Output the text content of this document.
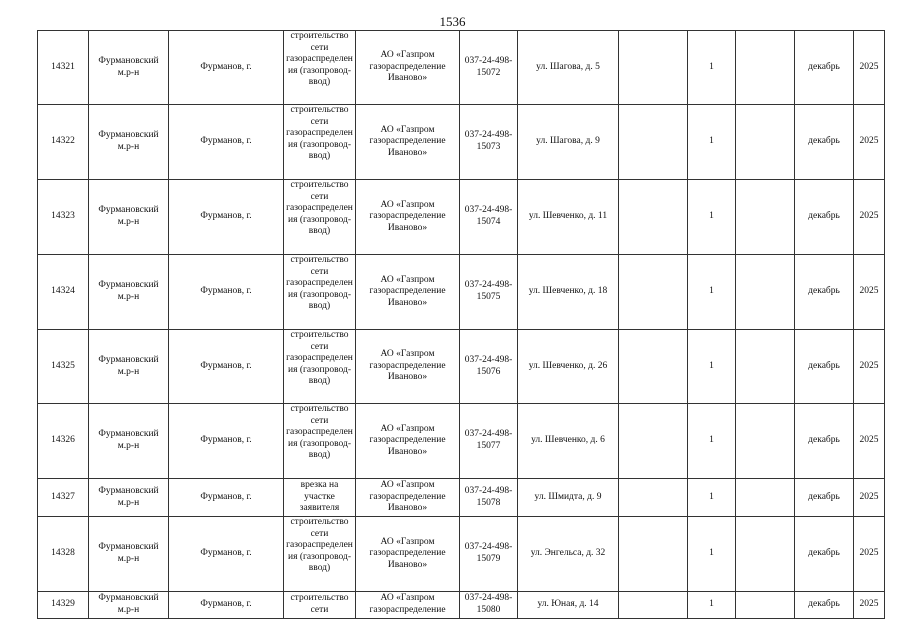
1536
14321	Фурмановский м.р-н	Фурманов, г.	строительство сети газораспределения (газопровод-ввод)	АО «Газпром газораспределение Иваново»	037-24-498-15072	ул. Шагова, д. 5		1		декабрь	2025
14322	Фурмановский м.р-н	Фурманов, г.	строительство сети газораспределения (газопровод-ввод)	АО «Газпром газораспределение Иваново»	037-24-498-15073	ул. Шагова, д. 9		1		декабрь	2025
14323	Фурмановский м.р-н	Фурманов, г.	строительство сети газораспределения (газопровод-ввод)	АО «Газпром газораспределение Иваново»	037-24-498-15074	ул. Шевченко, д. 11		1		декабрь	2025
14324	Фурмановский м.р-н	Фурманов, г.	строительство сети газораспределения (газопровод-ввод)	АО «Газпром газораспределение Иваново»	037-24-498-15075	ул. Шевченко, д. 18		1		декабрь	2025
14325	Фурмановский м.р-н	Фурманов, г.	строительство сети газораспределения (газопровод-ввод)	АО «Газпром газораспределение Иваново»	037-24-498-15076	ул. Шевченко, д. 26		1		декабрь	2025
14326	Фурмановский м.р-н	Фурманов, г.	строительство сети газораспределения (газопровод-ввод)	АО «Газпром газораспределение Иваново»	037-24-498-15077	ул. Шевченко, д. 6		1		декабрь	2025
14327	Фурмановский м.р-н	Фурманов, г.	врезка на участке заявителя	АО «Газпром газораспределение Иваново»	037-24-498-15078	ул. Шмидта, д. 9		1		декабрь	2025
14328	Фурмановский м.р-н	Фурманов, г.	строительство сети газораспределения (газопровод-ввод)	АО «Газпром газораспределение Иваново»	037-24-498-15079	ул. Энгельса, д. 32		1		декабрь	2025
14329	Фурмановский м.р-н	Фурманов, г.	строительство сети	АО «Газпром газораспределение	037-24-498-15080	ул. Юная, д. 14		1		декабрь	2025
